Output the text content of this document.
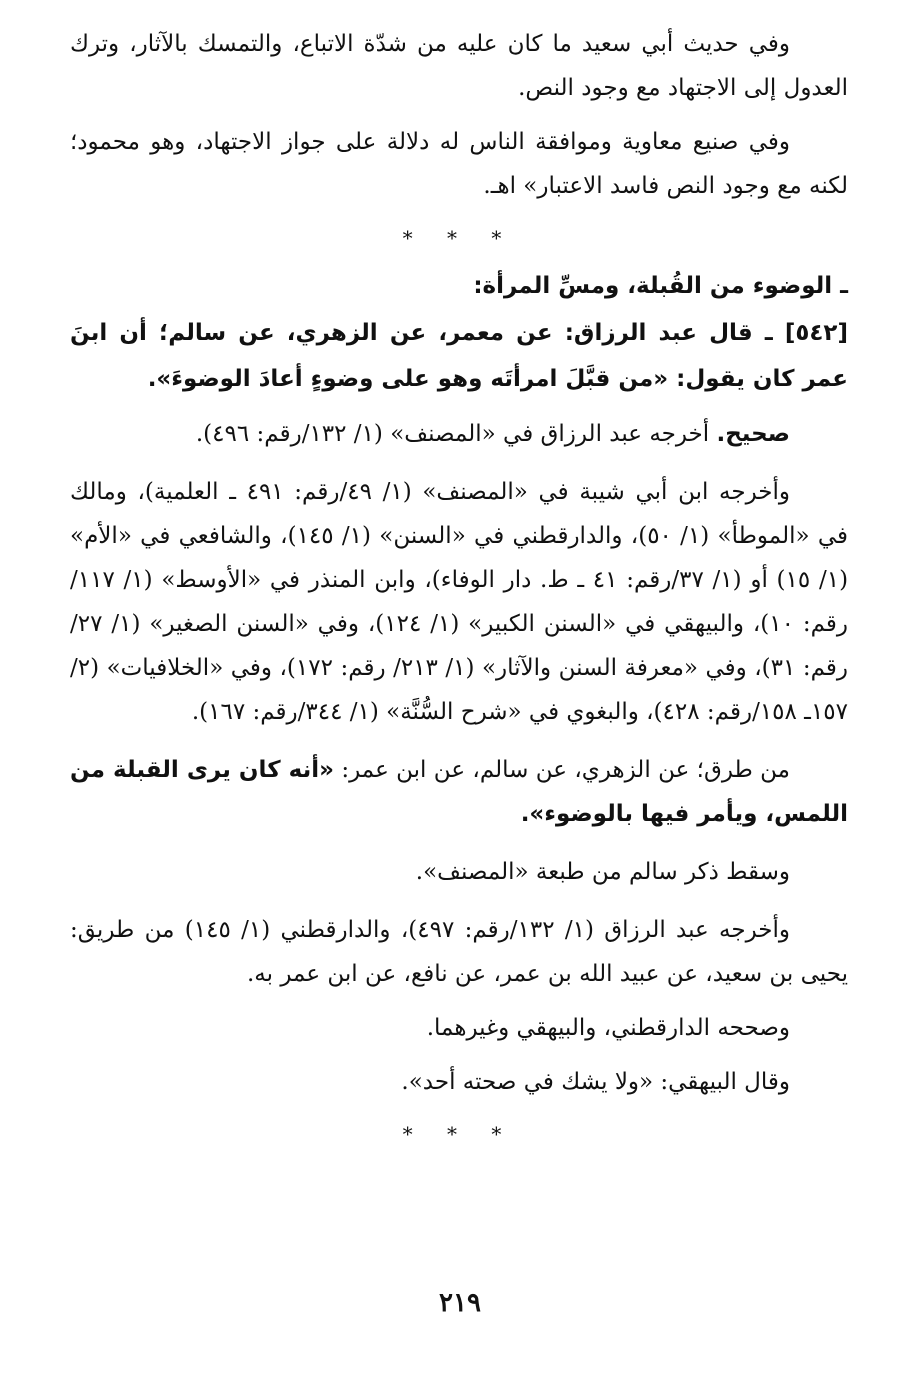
وفي حديث أبي سعيد ما كان عليه من شدّة الاتباع، والتمسك بالآثار، وترك العدول إلى الاجتهاد مع وجود النص.

وفي صنيع معاوية وموافقة الناس له دلالة على جواز الاجتهاد، وهو محمود؛ لكنه مع وجود النص فاسد الاعتبار» اهـ.

* * *

ـ الوضوء من القُبلة، ومسِّ المرأة:

[٥٤٢] ـ قال عبد الرزاق: عن معمر، عن الزهري، عن سالم؛ أن ابنَ عمر كان يقول: «من قبَّلَ امرأتَه وهو على وضوءٍ أعادَ الوضوءَ».

صحيح. أخرجه عبد الرزاق في «المصنف» (١/ ١٣٢/رقم: ٤٩٦).

وأخرجه ابن أبي شيبة في «المصنف» (١/ ٤٩/رقم: ٤٩١ ـ العلمية)، ومالك في «الموطأ» (١/ ٥٠)، والدارقطني في «السنن» (١/ ١٤٥)، والشافعي في «الأم» (١/ ١٥) أو (١/ ٣٧/رقم: ٤١ ـ ط. دار الوفاء)، وابن المنذر في «الأوسط» (١/ ١١٧/رقم: ١٠)، والبيهقي في «السنن الكبير» (١/ ١٢٤)، وفي «السنن الصغير» (١/ ٢٧/رقم: ٣١)، وفي «معرفة السنن والآثار» (١/ ٢١٣/ رقم: ١٧٢)، وفي «الخلافيات» (٢/ ١٥٧ـ ١٥٨/رقم: ٤٢٨)، والبغوي في «شرح السُّنَّة» (١/ ٣٤٤/رقم: ١٦٧).

من طرق؛ عن الزهري، عن سالم، عن ابن عمر: «أنه كان يرى القبلة من اللمس، ويأمر فيها بالوضوء».

وسقط ذكر سالم من طبعة «المصنف».

وأخرجه عبد الرزاق (١/ ١٣٢/رقم: ٤٩٧)، والدارقطني (١/ ١٤٥) من طريق: يحيى بن سعيد، عن عبيد الله بن عمر، عن نافع، عن ابن عمر به.

وصححه الدارقطني، والبيهقي وغيرهما.

وقال البيهقي: «ولا يشك في صحته أحد».

* * *
٢١٩
